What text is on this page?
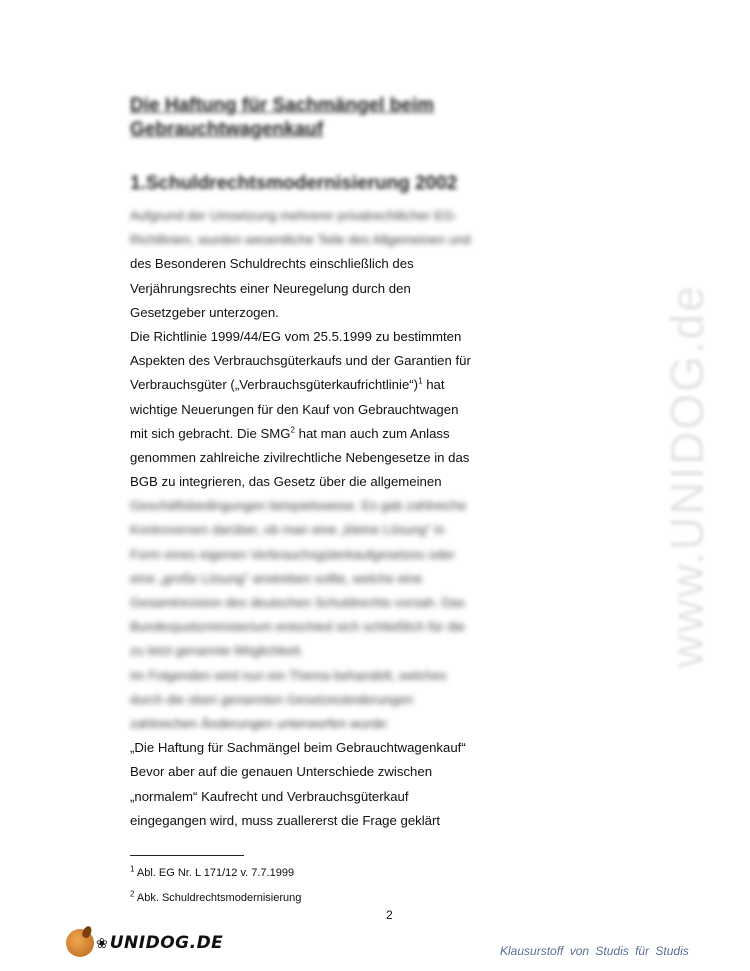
www.UNIDOG.de
Die Haftung für Sachmängel beim Gebrauchtwagenkauf
1.Schuldrechtsmodernisierung 2002
Aufgrund der Umsetzung mehrerer privatrechtlicher EG-
Richtlinien, wurden wesentliche Teile des Allgemeinen und
des Besonderen Schuldrechts einschließlich des
Verjährungsrechts einer Neuregelung durch den
Gesetzgeber unterzogen.
Die Richtlinie 1999/44/EG vom 25.5.1999 zu bestimmten
Aspekten des Verbrauchsgüterkaufs und der Garantien für
Verbrauchsgüter („Verbrauchsgüterkaufrichtlinie“)$^1$ hat
wichtige Neuerungen für den Kauf von Gebrauchtwagen
mit sich gebracht. Die SMG$^2$ hat man auch zum Anlass
genommen zahlreiche zivilrechtliche Nebengesetze in das
BGB zu integrieren, das Gesetz über die allgemeinen
Geschäftsbedingungen beispielsweise. Es gab zahlreiche
Kontroversen darüber, ob man eine „kleine Lösung“ in
Form eines eigenen Verbrauchsgüterkaufgesetzes oder
eine „große Lösung“ anstreben sollte, welche eine
Gesamtrevision des deutschen Schuldrechts vorsah. Das
Bundesjustizministerium entschied sich schließlich für die
zu letzt genannte Möglichkeit.
Im Folgenden wird nun ein Thema behandelt, welches
durch die oben genannten Gesetzesänderungen
zahlreichen Änderungen unterworfen wurde:
„Die Haftung für Sachmängel beim Gebrauchtwagenkauf“
Bevor aber auf die genauen Unterschiede zwischen
„normalem“ Kaufrecht und Verbrauchsgüterkauf
eingegangen wird, muss zuallererst die Frage geklärt
$^1$ Abl. EG Nr. L 171/12 v. 7.7.1999
$^2$ Abk. Schuldrechtsmodernisierung
2
❀ UNIDOG.DE	Klausurstoff von Studis für Studis
